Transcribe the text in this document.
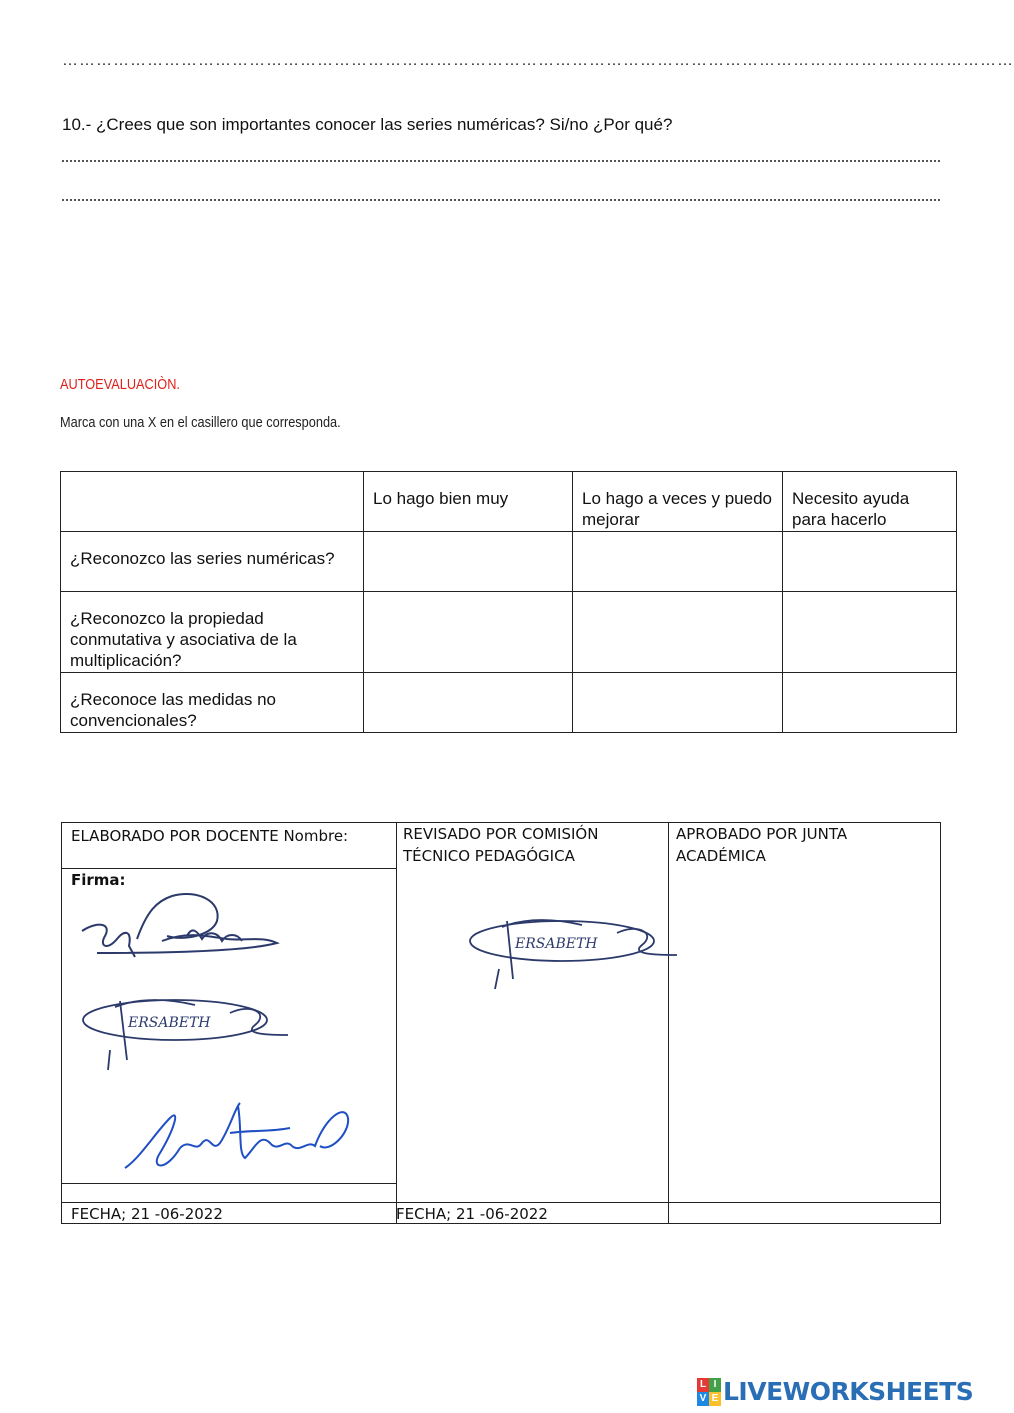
……………………………………………………………………………………………………………………………………………………
10.- ¿Crees que son importantes conocer las series numéricas? Si/no ¿Por qué?
AUTOEVALUACIÒN.
Marca con una X en el casillero que corresponda.
	Lo hago bien muy	Lo hago a veces y puedo mejorar	Necesito ayuda para hacerlo
¿Reconozco las series numéricas?			
¿Reconozco la propiedad conmutativa y asociativa de la multiplicación?			
¿Reconoce las medidas no convencionales?			
ELABORADO POR DOCENTE Nombre:
Firma:
REVISADO POR COMISIÓN TÉCNICO PEDAGÓGICA
APROBADO POR JUNTA ACADÉMICA
FECHA; 21 -06-2022	FECHA; 21 -06-2022
ERSABETH
ERSABETH
L I
V E LIVEWORKSHEETS
